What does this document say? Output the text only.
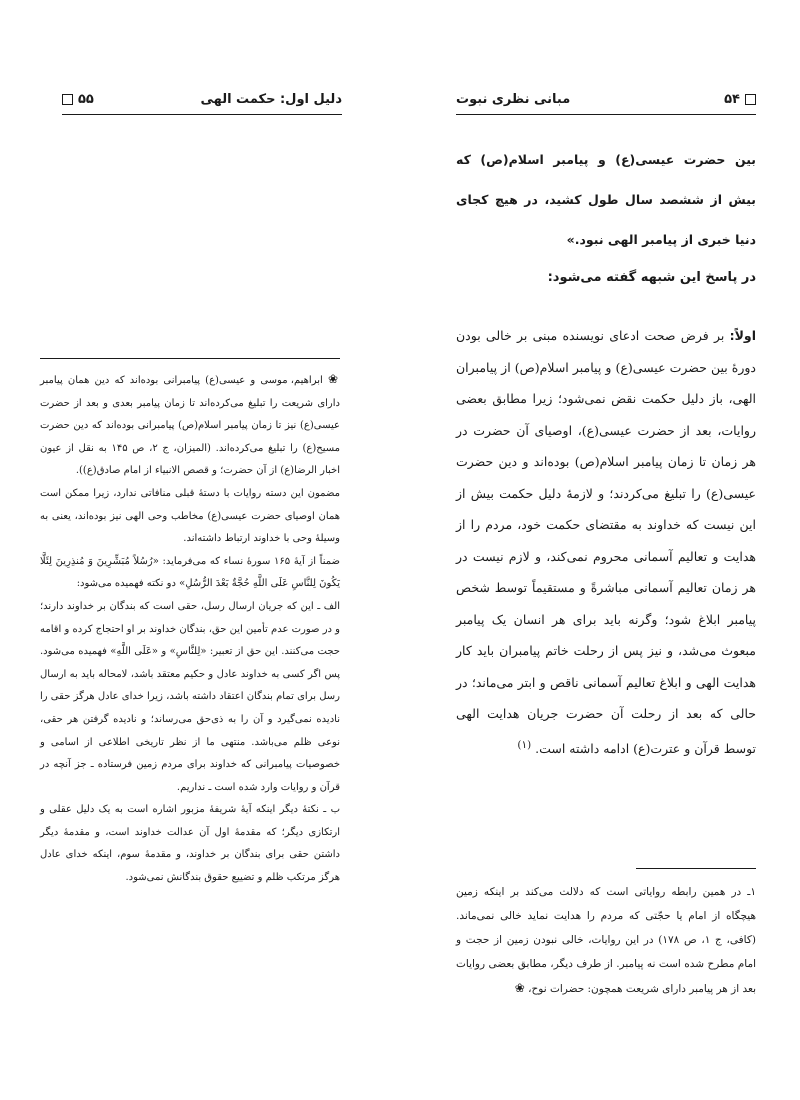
۵۵	دلیل اول: حکمت الهی

❀ ابراهیم، موسی و عیسی(ع) پیامبرانی بوده‌اند که دین همان پیامبر دارای شریعت را تبلیغ می‌کرده‌اند تا زمان پیامبر بعدی و بعد از حضرت عیسی(ع) نیز تا زمان پیامبر اسلام(ص) پیامبرانی بوده‌اند که دین حضرت مسیح(ع) را تبلیغ می‌کرده‌اند. (المیزان، ج ۲، ص ۱۴۵ به نقل از عیون اخبار الرضا(ع) از آن حضرت؛ و قصص الانبیاء از امام صادق(ع)).

مضمون این دسته روایات با دستهٔ قبلی منافاتی ندارد، زیرا ممکن است همان اوصیای حضرت عیسی(ع) مخاطب وحی الهی نیز بوده‌اند، یعنی به وسیلهٔ وحی با خداوند ارتباط داشته‌اند.

ضمناً از آیهٔ ۱۶۵ سورهٔ نساء که می‌فرماید: «رُسُلاً مُبَشِّرِینَ وَ مُنذِرِینَ لِئَلَّا یَکُونَ لِلنَّاسِ عَلَى اللَّهِ حُجَّةٌ بَعْدَ الرُّسُلِ» دو نکته فهمیده می‌شود:

الف ـ این که جریان ارسال رسل، حقی است که بندگان بر خداوند دارند؛ و در صورت عدم تأمین این حق، بندگان خداوند بر او احتجاج کرده و اقامه حجت می‌کنند. این حق از تعبیر: «لِلنَّاسِ» و «عَلَى اللَّهِ» فهمیده می‌شود. پس اگر کسی به خداوند عادل و حکیم معتقد باشد، لامحاله باید به ارسال رسل برای تمام بندگان اعتقاد داشته باشد، زیرا خدای عادل هرگز حقی را نادیده نمی‌گیرد و آن را به ذی‌حق می‌رساند؛ و نادیده گرفتن هر حقی، نوعی ظلم می‌باشد. منتهی ما از نظر تاریخی اطلاعی از اسامی و خصوصیات پیامبرانی که خداوند برای مردم زمین فرستاده ـ جز آنچه در قرآن و روایات وارد شده است ـ نداریم.

ب ـ نکتهٔ دیگر اینکه آیهٔ شریفهٔ مزبور اشاره است به یک دلیل عقلی و ارتکازی دیگر؛ که مقدمهٔ اول آن عدالت خداوند است، و مقدمهٔ دیگر داشتن حقی برای بندگان بر خداوند، و مقدمهٔ سوم، اینکه خدای عادل هرگز مرتکب ظلم و تضییع حقوق بندگانش نمی‌شود.

مبانی نظری نبوت	۵۴
بین حضرت عیسی(ع) و پیامبر اسلام(ص) که بیش از ششصد سال طول کشید، در هیچ کجای دنیا خبری از پیامبر الهی نبود.»
در پاسخ این شبهه گفته می‌شود:
اولاً: بر فرض صحت ادعای نویسنده مبنی بر خالی بودن دورهٔ بین حضرت عیسی(ع) و پیامبر اسلام(ص) از پیامبران الهی، باز دلیل حکمت نقض نمی‌شود؛ زیرا مطابق بعضی روایات، بعد از حضرت عیسی(ع)، اوصیای آن حضرت در هر زمان تا زمان پیامبر اسلام(ص) بوده‌اند و دین حضرت عیسی(ع) را تبلیغ می‌کردند؛ و لازمهٔ دلیل حکمت بیش از این نیست که خداوند به مقتضای حکمت خود، مردم را از هدایت و تعالیم آسمانی محروم نمی‌کند، و لازم نیست در هر زمان تعالیم آسمانی مباشرةً و مستقیماً توسط شخص پیامبر ابلاغ شود؛ وگرنه باید برای هر انسان یک پیامبر مبعوث می‌شد، و نیز پس از رحلت خاتم پیامبران باید کار هدایت الهی و ابلاغ تعالیم آسمانی ناقص و ابتر می‌ماند؛ در حالی که بعد از رحلت آن حضرت جریان هدایت الهی توسط قرآن و عترت(ع) ادامه داشته است. $^{(۱)}$
۱ـ در همین رابطه روایاتی است که دلالت می‌کند بر اینکه زمین هیچگاه از امام یا حجّتی که مردم را هدایت نماید خالی نمی‌ماند. (کافی، ج ۱، ص ۱۷۸) در این روایات، خالی نبودن زمین از حجت و امام مطرح شده است نه پیامبر. از طرف دیگر، مطابق بعضی روایات بعد از هر پیامبر دارای شریعت همچون: حضرات نوح، ❀
